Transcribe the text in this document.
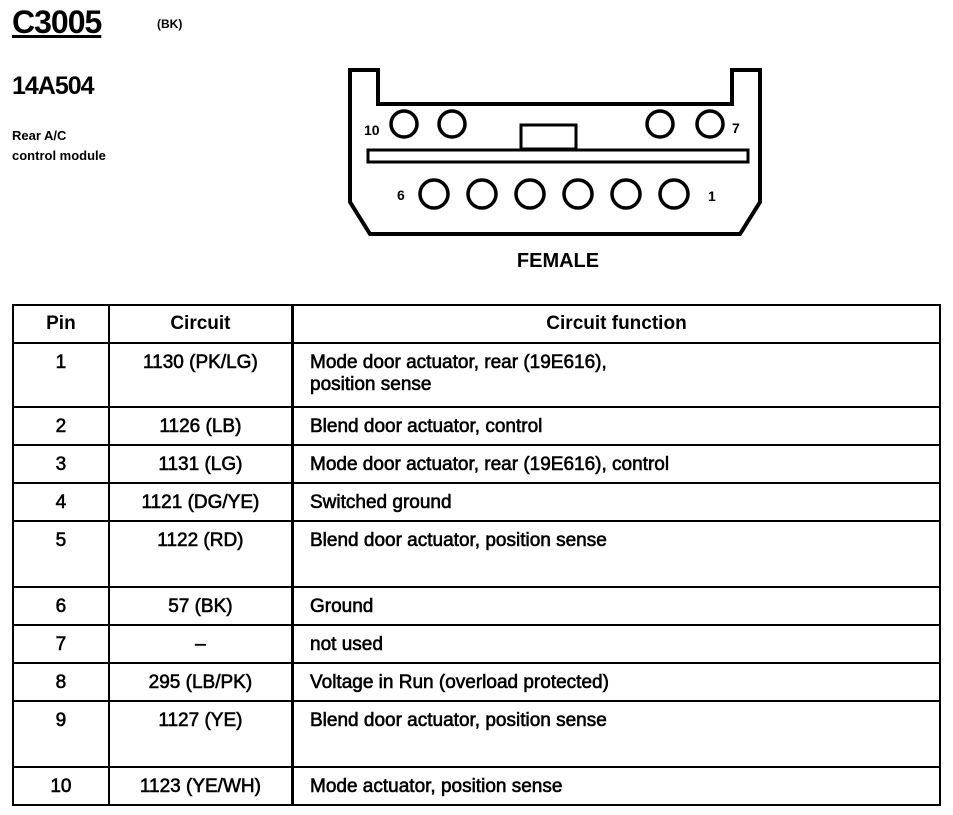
C3005	(BK)
14A504
Rear A/C
control module
10	7
6	1
FEMALE
Pin	Circuit	Circuit function
1	1130 (PK/LG)	Mode door actuator, rear (19E616),
position sense

2	1126 (LB)	Blend door actuator, control

3	1131 (LG)	Mode door actuator, rear (19E616), control

4	1121 (DG/YE)	Switched ground

5	1122 (RD)	Blend door actuator, position sense

6	57 (BK)	Ground

7	–	not used

8	295 (LB/PK)	Voltage in Run (overload protected)

9	1127 (YE)	Blend door actuator, position sense

10	1123 (YE/WH)	Mode actuator, position sense
